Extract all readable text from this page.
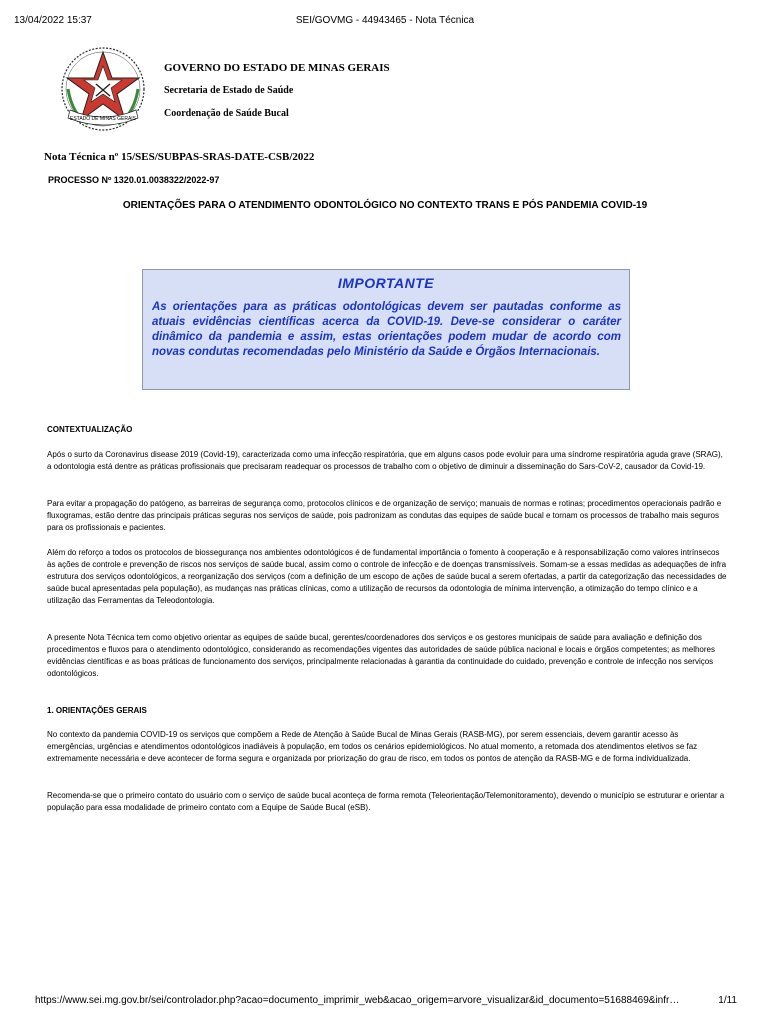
13/04/2022 15:37	SEI/GOVMG - 44943465 - Nota Técnica
ESTADO DE MINAS GERAIS
GOVERNO DO ESTADO DE MINAS GERAIS
Secretaria de Estado de Saúde
Coordenação de Saúde Bucal
Nota Técnica nº 15/SES/SUBPAS-SRAS-DATE-CSB/2022
PROCESSO Nº 1320.01.0038322/2022-97
ORIENTAÇÕES PARA O ATENDIMENTO ODONTOLÓGICO NO CONTEXTO TRANS E PÓS PANDEMIA COVID-19
IMPORTANTE
As orientações para as práticas odontológicas devem ser pautadas conforme as atuais evidências científicas acerca da COVID-19. Deve-se considerar o caráter dinâmico da pandemia e assim, estas orientações podem mudar de acordo com novas condutas recomendadas pelo Ministério da Saúde e Órgãos Internacionais.
CONTEXTUALIZAÇÃO
Após o surto da Coronavirus disease 2019 (Covid-19), caracterizada como uma infecção respiratória, que em alguns casos pode evoluir para uma síndrome respiratória aguda grave (SRAG), a odontologia está dentre as práticas profissionais que precisaram readequar os processos de trabalho com o objetivo de diminuir a disseminação do Sars-CoV-2, causador da Covid-19.
Para evitar a propagação do patógeno, as barreiras de segurança como, protocolos clínicos e de organização de serviço; manuais de normas e rotinas; procedimentos operacionais padrão e fluxogramas, estão dentre das principais práticas seguras nos serviços de saúde, pois padronizam as condutas das equipes de saúde bucal e tornam os processos de trabalho mais seguros para os profissionais e pacientes.
Além do reforço a todos os protocolos de biossegurança nos ambientes odontológicos é de fundamental importância o fomento à cooperação e à responsabilização como valores intrínsecos às ações de controle e prevenção de riscos nos serviços de saúde bucal, assim como o controle de infecção e de doenças transmissíveis. Somam-se a essas medidas as adequações de infra estrutura dos serviços odontológicos, a reorganização dos serviços (com a definição de um escopo de ações de saúde bucal a serem ofertadas, a partir da categorização das necessidades de saúde bucal apresentadas pela população), as mudanças nas práticas clínicas, como a utilização de recursos da odontologia de mínima intervenção, a otimização do tempo clínico e a utilização das Ferramentas da Teleodontologia.
A presente Nota Técnica tem como objetivo orientar as equipes de saúde bucal, gerentes/coordenadores dos serviços e os gestores municipais de saúde para avaliação e definição dos procedimentos e fluxos para o atendimento odontológico, considerando as recomendações vigentes das autoridades de saúde pública nacional e locais e órgãos competentes; as melhores evidências científicas e as boas práticas de funcionamento dos serviços, principalmente relacionadas à garantia da continuidade do cuidado, prevenção e controle de infecção nos serviços odontológicos.
1. ORIENTAÇÕES GERAIS
No contexto da pandemia COVID-19 os serviços que compõem a Rede de Atenção à Saúde Bucal de Minas Gerais (RASB-MG), por serem essenciais, devem garantir acesso às emergências, urgências e atendimentos odontológicos inadiáveis à população, em todos os cenários epidemiológicos. No atual momento, a retomada dos atendimentos eletivos se faz extremamente necessária e deve acontecer de forma segura e organizada por priorização do grau de risco, em todos os pontos de atenção da RASB-MG e de forma individualizada.
Recomenda-se que o primeiro contato do usuário com o serviço de saúde bucal aconteça de forma remota (Teleorientação/Telemonitoramento), devendo o município se estruturar e orientar a população para essa modalidade de primeiro contato com a Equipe de Saúde Bucal (eSB).
https://www.sei.mg.gov.br/sei/controlador.php?acao=documento_imprimir_web&acao_origem=arvore_visualizar&id_documento=51688469&infr…	1/11
